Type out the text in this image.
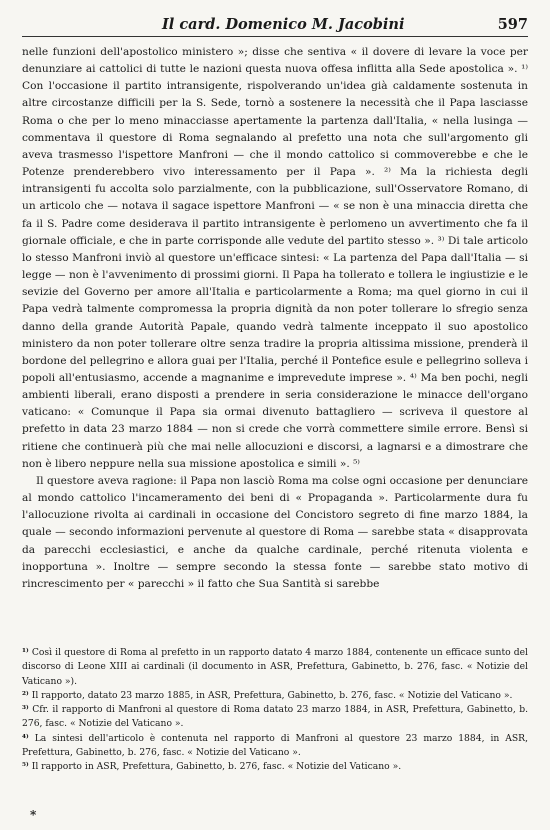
Il card. Domenico M. Jacobini	597

nelle funzioni dell'apostolico ministero »; disse che sentiva « il dovere di levare la voce per denunziare ai cattolici di tutte le nazioni questa nuova offesa inflitta alla Sede apostolica ». ¹⁾ Con l'occasione il partito intransigente, rispolverando un'idea già caldamente sostenuta in altre circostanze difficili per la S. Sede, tornò a sostenere la necessità che il Papa lasciasse Roma o che per lo meno minacciasse apertamente la partenza dall'Italia, « nella lusinga — commentava il questore di Roma segnalando al prefetto una nota che sull'argomento gli aveva trasmesso l'ispettore Manfroni — che il mondo cattolico si commoverebbe e che le Potenze prenderebbero vivo interessamento per il Papa ». ²⁾ Ma la richiesta degli intransigenti fu accolta solo parzialmente, con la pubblicazione, sull'Osservatore Romano, di un articolo che — notava il sagace ispettore Manfroni — « se non è una minaccia diretta che fa il S. Padre come desiderava il partito intransigente è perlomeno un avvertimento che fa il giornale officiale, e che in parte corrisponde alle vedute del partito stesso ». ³⁾ Di tale articolo lo stesso Manfroni inviò al questore un'efficace sintesi: « La partenza del Papa dall'Italia — si legge — non è l'avvenimento di prossimi giorni. Il Papa ha tollerato e tollera le ingiustizie e le sevizie del Governo per amore all'Italia e particolarmente a Roma; ma quel giorno in cui il Papa vedrà talmente compromessa la propria dignità da non poter tollerare lo sfregio senza danno della grande Autorità Papale, quando vedrà talmente inceppato il suo apostolico ministero da non poter tollerare oltre senza tradire la propria altissima missione, prenderà il bordone del pellegrino e allora guai per l'Italia, perché il Pontefice esule e pellegrino solleva i popoli all'entusiasmo, accende a magnanime e imprevedute imprese ». ⁴⁾ Ma ben pochi, negli ambienti liberali, erano disposti a prendere in seria considerazione le minacce dell'organo vaticano: « Comunque il Papa sia ormai divenuto battagliero — scriveva il questore al prefetto in data 23 marzo 1884 — non si crede che vorrà commettere simile errore. Bensì si ritiene che continuerà più che mai nelle allocuzioni e discorsi, a lagnarsi e a dimostrare che non è libero neppure nella sua missione apostolica e simili ». ⁵⁾

Il questore aveva ragione: il Papa non lasciò Roma ma colse ogni occasione per denunciare al mondo cattolico l'incameramento dei beni di « Propaganda ». Particolarmente dura fu l'allocuzione rivolta ai cardinali in occasione del Concistoro segreto di fine marzo 1884, la quale — secondo informazioni pervenute al questore di Roma — sarebbe stata « disapprovata da parecchi ecclesiastici, e anche da qualche cardinale, perché ritenuta violenta e inopportuna ». Inoltre — sempre secondo la stessa fonte — sarebbe stato motivo di rincrescimento per « parecchi » il fatto che Sua Santità si sarebbe

¹⁾ Così il questore di Roma al prefetto in un rapporto datato 4 marzo 1884, contenente un efficace sunto del discorso di Leone XIII ai cardinali (il documento in ASR, Prefettura, Gabinetto, b. 276, fasc. « Notizie del Vaticano »).

²⁾ Il rapporto, datato 23 marzo 1885, in ASR, Prefettura, Gabinetto, b. 276, fasc. « Notizie del Vaticano ».

³⁾ Cfr. il rapporto di Manfroni al questore di Roma datato 23 marzo 1884, in ASR, Prefettura, Gabinetto, b. 276, fasc. « Notizie del Vaticano ».

⁴⁾ La sintesi dell'articolo è contenuta nel rapporto di Manfroni al questore 23 marzo 1884, in ASR, Prefettura, Gabinetto, b. 276, fasc. « Notizie del Vaticano ».

⁵⁾ Il rapporto in ASR, Prefettura, Gabinetto, b. 276, fasc. « Notizie del Vaticano ».

*
